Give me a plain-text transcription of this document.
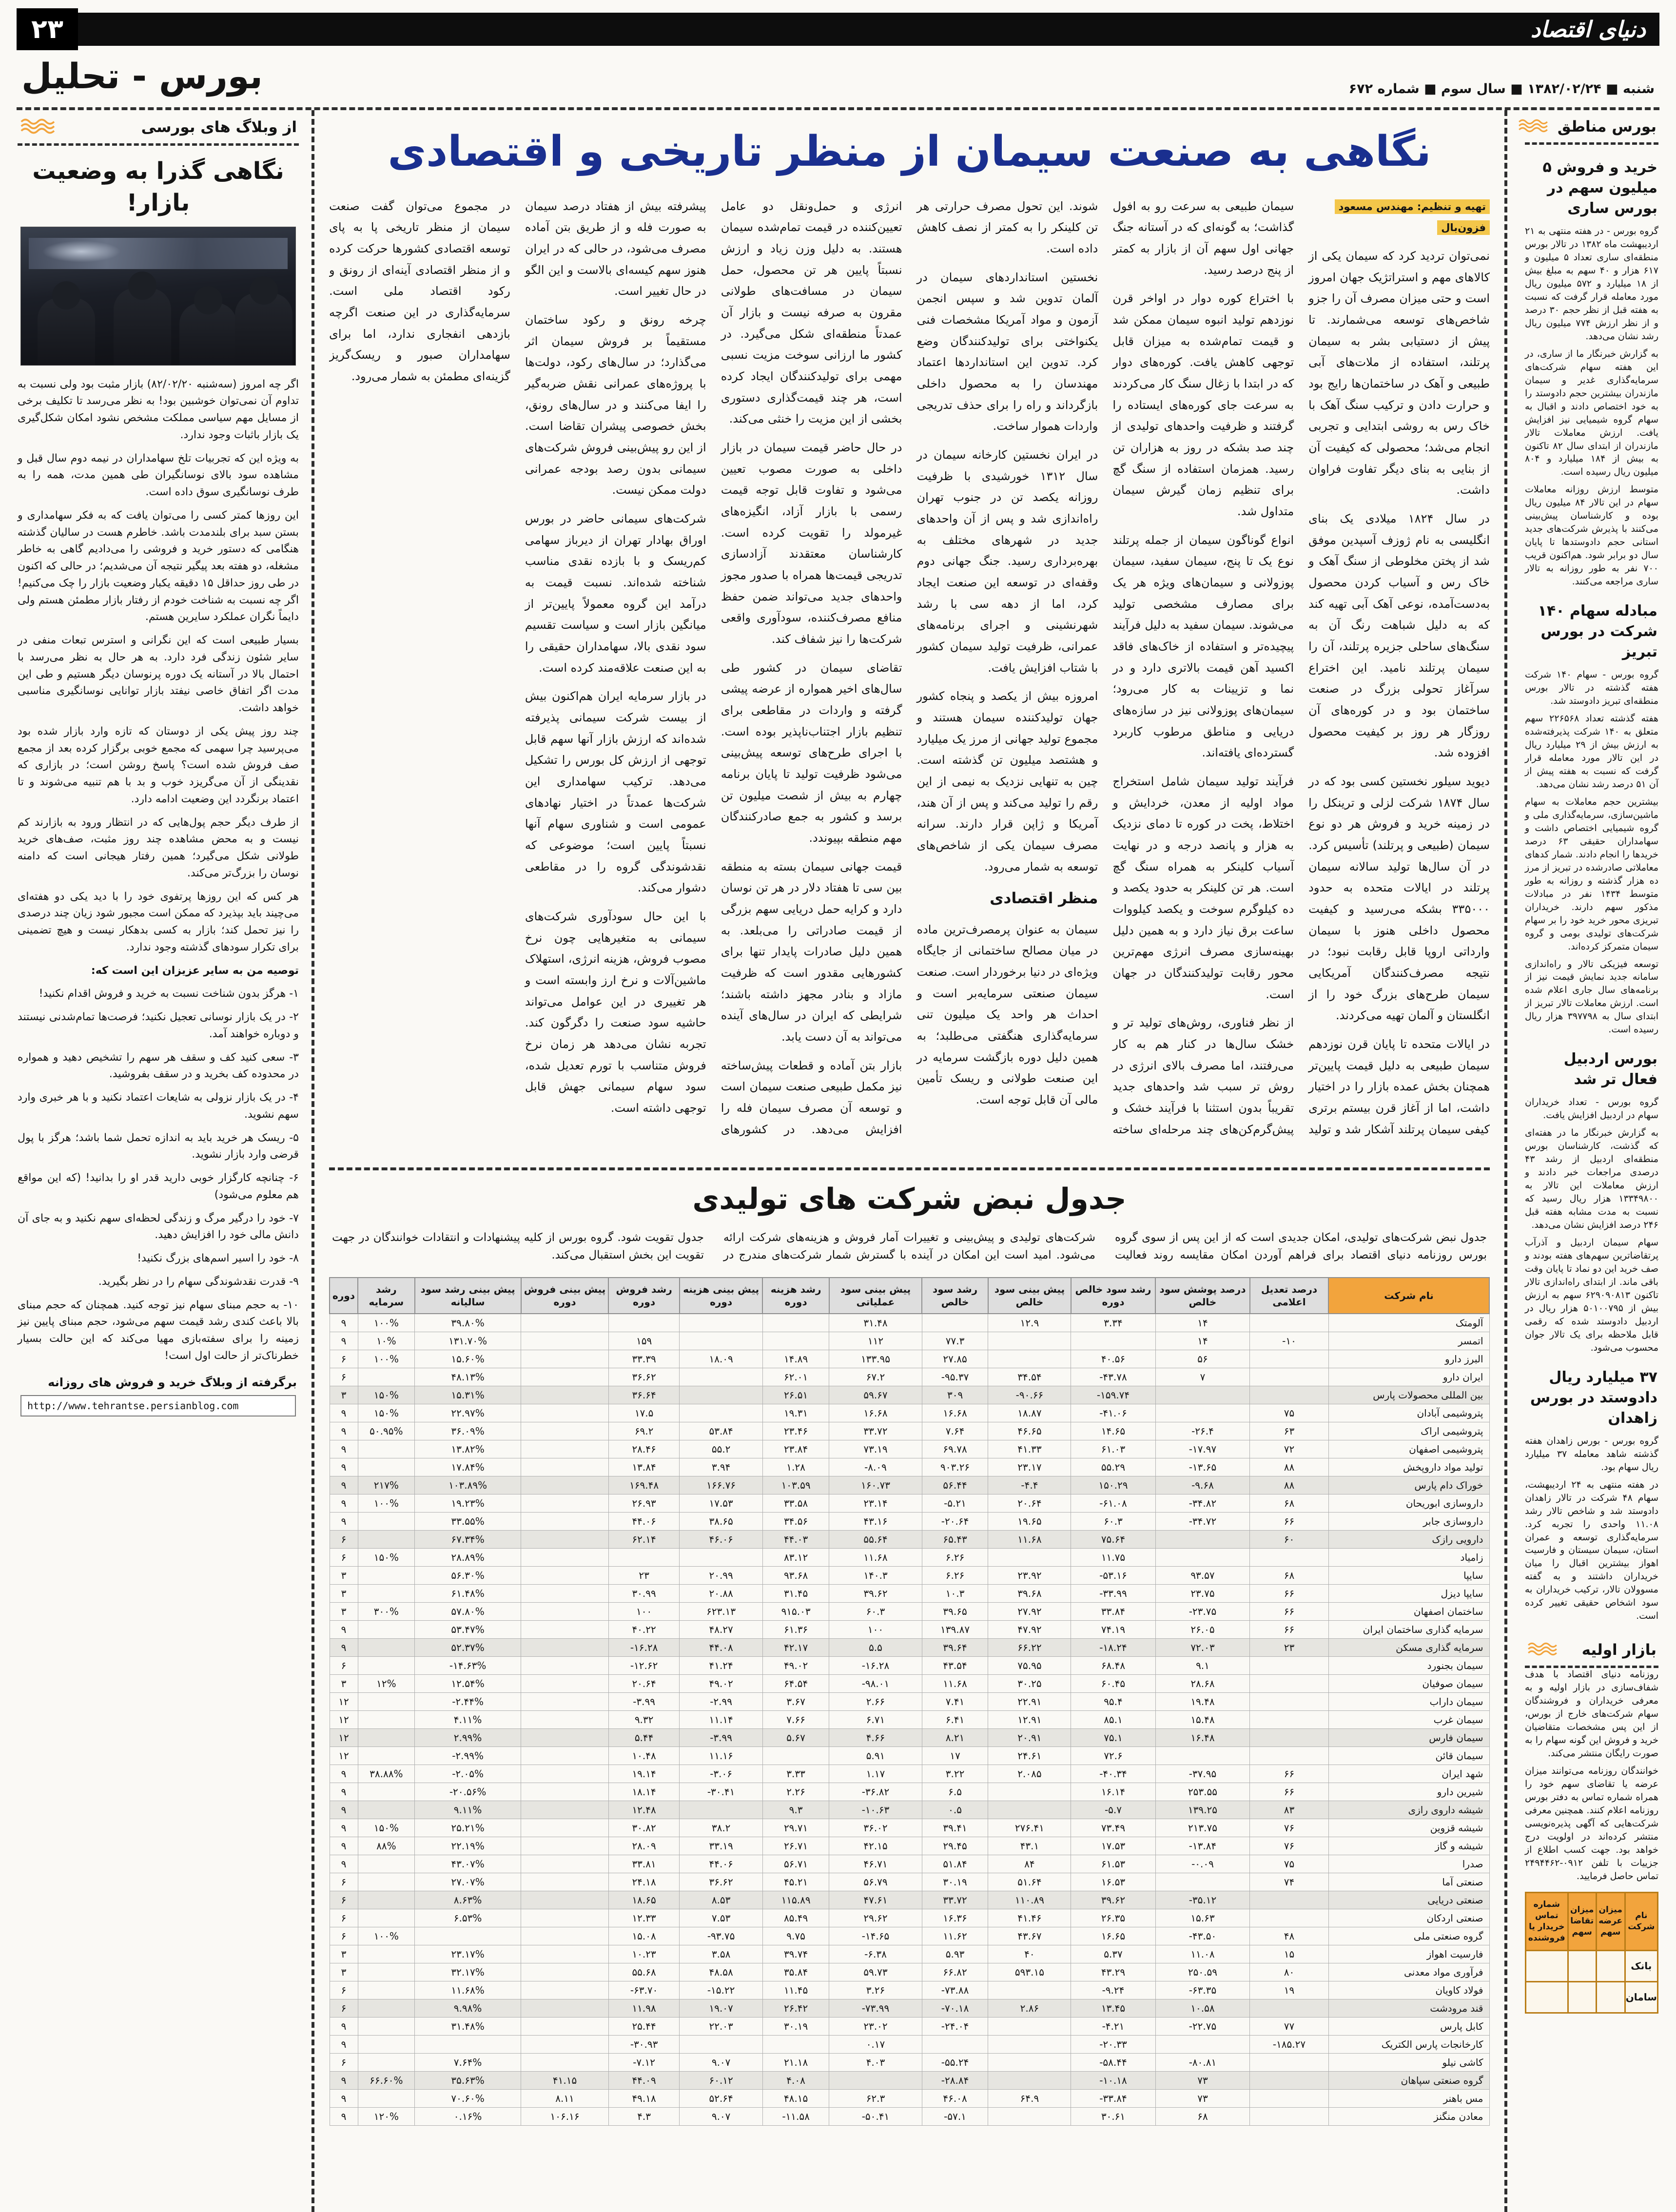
دنیای اقتصاد
۲۳
شنبه ■ ۱۳۸۲/۰۲/۲۴ ■ سال سوم ■ شماره ۶۷۲
بورس - تحلیل
بورس مناطق
خرید و فروش ۵ میلیون سهم در بورس ساری

گروه بورس - در هفته منتهی به ۲۱ اردیبهشت ماه ۱۳۸۲ در تالار بورس منطقه‌ای ساری تعداد ۵ میلیون و ۶۱۷ هزار و ۴۰ سهم به مبلغ بیش از ۱۸ میلیارد و ۵۷۲ میلیون ریال مورد معامله قرار گرفت که نسبت به هفته قبل از نظر حجم ۳۰ درصد و از نظر ارزش ۷۷۴ میلیون ریال رشد نشان می‌دهد.

به گزارش خبرنگار ما از ساری، در این هفته سهام شرکت‌های سرمایه‌گذاری غدیر و سیمان مازندران بیشترین حجم دادوستد را به خود اختصاص دادند و اقبال به سهام گروه شیمیایی نیز افزایش یافت. ارزش معاملات تالار مازندران از ابتدای سال ۸۲ تاکنون به بیش از ۱۸۴ میلیارد و ۸۰۴ میلیون ریال رسیده است.

متوسط ارزش روزانه معاملات سهام در این تالار ۸۴ میلیون ریال بوده و کارشناسان پیش‌بینی می‌کنند با پذیرش شرکت‌های جدید استانی حجم دادوستدها تا پایان سال دو برابر شود. هم‌اکنون قریب ۷۰۰ نفر به طور روزانه به تالار ساری مراجعه می‌کنند.

مبادله سهام ۱۴۰ شرکت در بورس تبریز

گروه بورس - سهام ۱۴۰ شرکت هفته گذشته در تالار بورس منطقه‌ای تبریز دادوستد شد.

هفته گذشته تعداد ۲۲۶۵۶۸ سهم متعلق به ۱۴۰ شرکت پذیرفته‌شده به ارزش بیش از ۲۹ میلیارد ریال در این تالار مورد معامله قرار گرفت که نسبت به هفته پیش از آن ۵۱ درصد رشد نشان می‌دهد.

بیشترین حجم معاملات به سهام ماشین‌سازی، سرمایه‌گذاری ملی و گروه شیمیایی اختصاص داشت و سهامداران حقیقی ۶۳ درصد خریدها را انجام دادند. شمار کدهای معاملاتی صادرشده در تبریز از مرز ده هزار گذشته و روزانه به طور متوسط ۱۴۳۴ نفر در مبادلات مذکور سهم دارند. خریداران تبریزی محور خرید خود را بر سهام شرکت‌های تولیدی بومی و گروه سیمان متمرکز کرده‌اند.

توسعه فیزیکی تالار و راه‌اندازی سامانه جدید نمایش قیمت نیز از برنامه‌های سال جاری اعلام شده است. ارزش معاملات تالار تبریز از ابتدای سال به ۳۹۷۷۹۸ هزار ریال رسیده است.

بورس اردبیل فعال تر شد

گروه بورس - تعداد خریداران سهام در اردبیل افزایش یافت.

به گزارش خبرنگار ما در هفته‌ای که گذشت، کارشناسان بورس منطقه‌ای اردبیل از رشد ۴۳ درصدی مراجعات خبر دادند و ارزش معاملات این تالار به ۱۳۳۴۹۸۰۰ هزار ریال رسید که نسبت به مدت مشابه هفته قبل ۲۴۶ درصد افزایش نشان می‌دهد.

سهام سیمان اردبیل و آذرآب پرتقاضاترین سهم‌های هفته بودند و صف خرید این دو نماد تا پایان وقت باقی ماند. از ابتدای راه‌اندازی تالار تاکنون ۶۲۹۰۹۰۸۱۳ سهم به ارزش بیش از ۵۰۱۰۰۷۹۵ هزار ریال در اردبیل دادوستد شده که رقمی قابل ملاحظه برای یک تالار جوان محسوب می‌شود.

۳۷ میلیارد ریال دادوستد در بورس زاهدان

گروه بورس - بورس زاهدان هفته گذشته شاهد معامله ۳۷ میلیارد ریال سهام بود.

در هفته منتهی به ۲۴ اردیبهشت، سهام ۴۸ شرکت در تالار زاهدان دادوستد شد و شاخص تالار رشد ۱۱.۰۸ واحدی را تجربه کرد. سرمایه‌گذاری توسعه و عمران استان، سیمان سیستان و فارسیت اهواز بیشترین اقبال را میان خریداران داشتند و به گفته مسوولان تالار، ترکیب خریداران به سود اشخاص حقیقی تغییر کرده است.

بازار اولیه

روزنامه دنیای اقتصاد با هدف شفاف‌سازی در بازار اولیه و به معرفی خریداران و فروشندگان سهام شرکت‌های خارج از بورس، از این پس مشخصات متقاضیان خرید و فروش این گونه سهام را به صورت رایگان منتشر می‌کند.

خوانندگان روزنامه می‌توانند میزان عرضه یا تقاضای سهم خود را همراه شماره تماس به دفتر بورس روزنامه اعلام کنند. همچنین معرفی شرکت‌هایی که آگهی پذیره‌نویسی منتشر کرده‌اند در اولویت درج خواهد بود. جهت کسب اطلاع از جزییات با تلفن ۰۹۱۲-۲۴۹۴۴۶۲ تماس حاصل فرمایید.

نام شرکت	میزان عرضه سهم	میزان تقاضا سهم	شماره تماس خریدار یا فروشنده
بانک			
سامان			
نگاهی به صنعت سیمان از منظر تاریخی و اقتصادی

تهیه و تنظیم: مهندس مسعود فزون‌بال

نمی‌توان تردید کرد که سیمان یکی از کالاهای مهم و استراتژیک جهان امروز است و حتی میزان مصرف آن را جزو شاخص‌های توسعه می‌شمارند. تا پیش از دستیابی بشر به سیمان پرتلند، استفاده از ملات‌های آبی طبیعی و آهک در ساختمان‌ها رایج بود و حرارت دادن و ترکیب سنگ آهک با خاک رس به روشی ابتدایی و تجربی انجام می‌شد؛ محصولی که کیفیت آن از بنایی به بنای دیگر تفاوت فراوان داشت.

در سال ۱۸۲۴ میلادی یک بنای انگلیسی به نام ژوزف آسپدین موفق شد از پختن مخلوطی از سنگ آهک و خاک رس و آسیاب کردن محصول به‌دست‌آمده، نوعی آهک آبی تهیه کند که به دلیل شباهت رنگ آن به سنگ‌های ساحلی جزیره پرتلند، آن را سیمان پرتلند نامید. این اختراع سرآغاز تحولی بزرگ در صنعت ساختمان بود و در کوره‌های آن روزگار هر روز بر کیفیت محصول افزوده شد.

دیوید سیلور نخستین کسی بود که در سال ۱۸۷۴ شرکت لزلی و ترینکل را در زمینه خرید و فروش هر دو نوع سیمان (طبیعی و پرتلند) تأسیس کرد. در آن سال‌ها تولید سالانه سیمان پرتلند در ایالات متحده به حدود ۳۳۵۰۰۰ بشکه می‌رسید و کیفیت محصول داخلی هنوز با سیمان وارداتی اروپا قابل رقابت نبود؛ در نتیجه مصرف‌کنندگان آمریکایی سیمان طرح‌های بزرگ خود را از انگلستان و آلمان تهیه می‌کردند.

در ایالات متحده تا پایان قرن نوزدهم سیمان طبیعی به دلیل قیمت پایین‌تر همچنان بخش عمده بازار را در اختیار داشت، اما از آغاز قرن بیستم برتری کیفی سیمان پرتلند آشکار شد و تولید سیمان طبیعی به سرعت رو به افول گذاشت؛ به گونه‌ای که در آستانه جنگ جهانی اول سهم آن از بازار به کمتر از پنج درصد رسید.

با اختراع کوره دوار در اواخر قرن نوزدهم تولید انبوه سیمان ممکن شد و قیمت تمام‌شده به میزان قابل توجهی کاهش یافت. کوره‌های دوار که در ابتدا با زغال سنگ کار می‌کردند به سرعت جای کوره‌های ایستاده را گرفتند و ظرفیت واحدهای تولیدی از چند صد بشکه در روز به هزاران تن رسید. همزمان استفاده از سنگ گچ برای تنظیم زمان گیرش سیمان متداول شد.

انواع گوناگون سیمان از جمله پرتلند نوع یک تا پنج، سیمان سفید، سیمان پوزولانی و سیمان‌های ویژه هر یک برای مصارف مشخصی تولید می‌شوند. سیمان سفید به دلیل فرآیند پیچیده‌تر و استفاده از خاک‌های فاقد اکسید آهن قیمت بالاتری دارد و در نما و تزیینات به کار می‌رود؛ سیمان‌های پوزولانی نیز در سازه‌های دریایی و مناطق مرطوب کاربرد گسترده‌ای یافته‌اند.

فرآیند تولید سیمان شامل استخراج مواد اولیه از معدن، خردایش و اختلاط، پخت در کوره تا دمای نزدیک به هزار و پانصد درجه و در نهایت آسیاب کلینکر به همراه سنگ گچ است. هر تن کلینکر به حدود یکصد و ده کیلوگرم سوخت و یکصد کیلووات ساعت برق نیاز دارد و به همین دلیل بهینه‌سازی مصرف انرژی مهم‌ترین محور رقابت تولیدکنندگان در جهان است.

از نظر فناوری، روش‌های تولید تر و خشک سال‌ها در کنار هم به کار می‌رفتند، اما مصرف بالای انرژی در روش تر سبب شد واحدهای جدید تقریباً بدون استثنا با فرآیند خشک و پیش‌گرم‌کن‌های چند مرحله‌ای ساخته شوند. این تحول مصرف حرارتی هر تن کلینکر را به کمتر از نصف کاهش داده است.

نخستین استانداردهای سیمان در آلمان تدوین شد و سپس انجمن آزمون و مواد آمریکا مشخصات فنی یکنواختی برای تولیدکنندگان وضع کرد. تدوین این استانداردها اعتماد مهندسان را به محصول داخلی بازگرداند و راه را برای حذف تدریجی واردات هموار ساخت.

در ایران نخستین کارخانه سیمان در سال ۱۳۱۲ خورشیدی با ظرفیت روزانه یکصد تن در جنوب تهران راه‌اندازی شد و پس از آن واحدهای جدید در شهرهای مختلف به بهره‌برداری رسید. جنگ جهانی دوم وقفه‌ای در توسعه این صنعت ایجاد کرد، اما از دهه سی با رشد شهرنشینی و اجرای برنامه‌های عمرانی، ظرفیت تولید سیمان کشور با شتاب افزایش یافت.

امروزه بیش از یکصد و پنجاه کشور جهان تولیدکننده سیمان هستند و مجموع تولید جهانی از مرز یک میلیارد و هشتصد میلیون تن گذشته است. چین به تنهایی نزدیک به نیمی از این رقم را تولید می‌کند و پس از آن هند، آمریکا و ژاپن قرار دارند. سرانه مصرف سیمان یکی از شاخص‌های توسعه به شمار می‌رود.

منظر اقتصادی

سیمان به عنوان پرمصرف‌ترین ماده در میان مصالح ساختمانی از جایگاه ویژه‌ای در دنیا برخوردار است. صنعت سیمان صنعتی سرمایه‌بر است و احداث هر واحد یک میلیون تنی سرمایه‌گذاری هنگفتی می‌طلبد؛ به همین دلیل دوره بازگشت سرمایه در این صنعت طولانی و ریسک تأمین مالی آن قابل توجه است.

انرژی و حمل‌ونقل دو عامل تعیین‌کننده در قیمت تمام‌شده سیمان هستند. به دلیل وزن زیاد و ارزش نسبتاً پایین هر تن محصول، حمل سیمان در مسافت‌های طولانی مقرون به صرفه نیست و بازار آن عمدتاً منطقه‌ای شکل می‌گیرد. در کشور ما ارزانی سوخت مزیت نسبی مهمی برای تولیدکنندگان ایجاد کرده است، هر چند قیمت‌گذاری دستوری بخشی از این مزیت را خنثی می‌کند.

در حال حاضر قیمت سیمان در بازار داخلی به صورت مصوب تعیین می‌شود و تفاوت قابل توجه قیمت رسمی با بازار آزاد، انگیزه‌های غیرمولد را تقویت کرده است. کارشناسان معتقدند آزادسازی تدریجی قیمت‌ها همراه با صدور مجوز واحدهای جدید می‌تواند ضمن حفظ منافع مصرف‌کننده، سودآوری واقعی شرکت‌ها را نیز شفاف کند.

تقاضای سیمان در کشور طی سال‌های اخیر همواره از عرضه پیشی گرفته و واردات در مقاطعی برای تنظیم بازار اجتناب‌ناپذیر بوده است. با اجرای طرح‌های توسعه پیش‌بینی می‌شود ظرفیت تولید تا پایان برنامه چهارم به بیش از شصت میلیون تن برسد و کشور به جمع صادرکنندگان مهم منطقه بپیوندد.

قیمت جهانی سیمان بسته به منطقه بین سی تا هفتاد دلار در هر تن نوسان دارد و کرایه حمل دریایی سهم بزرگی از قیمت صادراتی را می‌بلعد. به همین دلیل صادرات پایدار تنها برای کشورهایی مقدور است که ظرفیت مازاد و بنادر مجهز داشته باشند؛ شرایطی که ایران در سال‌های آینده می‌تواند به آن دست یابد.

بازار بتن آماده و قطعات پیش‌ساخته نیز مکمل طبیعی صنعت سیمان است و توسعه آن مصرف سیمان فله را افزایش می‌دهد. در کشورهای پیشرفته بیش از هفتاد درصد سیمان به صورت فله و از طریق بتن آماده مصرف می‌شود، در حالی که در ایران هنوز سهم کیسه‌ای بالاست و این الگو در حال تغییر است.

چرخه رونق و رکود ساختمان مستقیماً بر فروش سیمان اثر می‌گذارد؛ در سال‌های رکود، دولت‌ها با پروژه‌های عمرانی نقش ضربه‌گیر را ایفا می‌کنند و در سال‌های رونق، بخش خصوصی پیشران تقاضا است. از این رو پیش‌بینی فروش شرکت‌های سیمانی بدون رصد بودجه عمرانی دولت ممکن نیست.

شرکت‌های سیمانی حاضر در بورس اوراق بهادار تهران از دیرباز سهامی کم‌ریسک و با بازده نقدی مناسب شناخته شده‌اند. نسبت قیمت به درآمد این گروه معمولاً پایین‌تر از میانگین بازار است و سیاست تقسیم سود نقدی بالا، سهامداران حقیقی را به این صنعت علاقه‌مند کرده است.

در بازار سرمایه ایران هم‌اکنون بیش از بیست شرکت سیمانی پذیرفته شده‌اند که ارزش بازار آنها سهم قابل توجهی از ارزش کل بورس را تشکیل می‌دهد. ترکیب سهامداری این شرکت‌ها عمدتاً در اختیار نهادهای عمومی است و شناوری سهام آنها نسبتاً پایین است؛ موضوعی که نقدشوندگی گروه را در مقاطعی دشوار می‌کند.

با این حال سودآوری شرکت‌های سیمانی به متغیرهایی چون نرخ مصوب فروش، هزینه انرژی، استهلاک ماشین‌آلات و نرخ ارز وابسته است و هر تغییری در این عوامل می‌تواند حاشیه سود صنعت را دگرگون کند. تجربه نشان می‌دهد هر زمان نرخ فروش متناسب با تورم تعدیل شده، سود سهام سیمانی جهش قابل توجهی داشته است.

در مجموع می‌توان گفت صنعت سیمان از منظر تاریخی پا به پای توسعه اقتصادی کشورها حرکت کرده و از منظر اقتصادی آینه‌ای از رونق و رکود اقتصاد ملی است. سرمایه‌گذاری در این صنعت اگرچه بازدهی انفجاری ندارد، اما برای سهامداران صبور و ریسک‌گریز گزینه‌ای مطمئن به شمار می‌رود.

جدول نبض شرکت های تولیدی
جدول نبض شرکت‌های تولیدی، امکان جدیدی است که از این پس از سوی گروه بورس روزنامه دنیای اقتصاد برای فراهم آوردن امکان مقایسه روند فعالیت شرکت‌های تولیدی و پیش‌بینی و تغییرات آمار فروش و هزینه‌های شرکت ارائه می‌شود. امید است این امکان در آینده با گسترش شمار شرکت‌های مندرج در جدول تقویت شود. گروه بورس از کلیه پیشنهادات و انتقادات خوانندگان در جهت تقویت این بخش استقبال می‌کند.
نام شرکت	درصد تعدیل اعلامی	درصد پوشش سود خالص	رشد سود خالص دوره	پیش بینی سود خالص	رشد سود خالص	پیش بینی سود عملیاتی	رشد هزینه دوره	پیش بینی هزینه دوره	رشد فروش دوره	پیش بینی فروش دوره	پیش بینی رشد سود سالیانه	رشد سرمایه	دوره
آلومتک		۱۴	۳.۳۴	۱۲.۹		۳۱.۴۸					۳۹.۸۰%	۱۰۰%	۹
اتمسر	-۱۰	۱۴			۷۷.۳	۱۱۲			۱۵۹		۱۳۱.۷۰%	۱۰%	۹
البرز دارو		۵۶	۴۰.۵۶		۲۷.۸۵	۱۳۳.۹۵	۱۴.۸۹	۱۸.۰۹	۳۳.۳۹		۱۵.۶۰%	۱۰۰%	۶
ایران دارو		۷	-۴۳.۷۸	۳۴.۵۴	-۹۵.۳۷	۶۷.۲	۶۲.۰۱		۳۶.۶۲		۴۸.۱۳%		۶
بین المللی محصولات پارس			-۱۵۹.۷۴	-۹۰.۶۶	۳۰۹	۵۹.۶۷	۲۶.۵۱		۳۶.۶۴		۱۵.۳۱%	۱۵۰%	۳
پتروشیمی آبادان	۷۵		-۴۱.۰۶	۱۸.۸۷	۱۶.۶۸	۱۶.۶۸	۱۹.۳۱		۱۷.۵		۲۲.۹۷%	۱۵۰%	۹
پتروشیمی اراک	۶۳	-۲۶.۴	۱۴.۶۵	۴۶.۶۵	۷.۶۴	۳۳.۷۲	۲۳.۴۶	۵۳.۸۴	۶۹.۲		۳۶.۰۹%	۵۰.۹۵%	۹
پتروشیمی اصفهان	۷۲	-۱۷.۹۷	۶۱.۰۳	۴۱.۳۳	۶۹.۷۸	۷۳.۱۹	۲۳.۸۴	۵۵.۲	۲۸.۴۶		۱۳.۸۲%		۹
تولید مواد داروپخش	۸۸	-۱۳.۶۵	۵۵.۲۹	۲۳.۱۷	۹۰۳.۲۶	-۸.۰۹	۱.۲۸	۳.۹۴	۱۳.۸۴		۱۷.۸۴%		۹
خوراک دام پارس	۸۸	-۹.۶۸	۱۵۰.۲۹	-۴.۴	۵۶.۴۴	۱۶۰.۷۳	۱۰۳.۵۹	۱۶۶.۷۶	۱۶۹.۴۸		۱۰۳.۸۹%	۲۱۷%	۹
داروسازی ابوریحان	۶۸	-۳۴.۸۲	-۶۱.۰۸	۲۰.۶۴	-۵.۲۱	۲۳.۱۴	۳۳.۵۸	۱۷.۵۳	۲۶.۹۳		۱۹.۲۳%	۱۰۰%	۹
داروسازی جابر	۶۶	-۳۴.۷۲	۶۰.۳	۱۹.۶۵	-۲۰.۶۴	۴۳.۱۶	۳۴.۵۶	۳۸.۶۵	۴۴.۰۶		۳۳.۵۵%		۹
دارویی رازک	۶۰		۷۵.۶۴	۱۱.۶۸	۶۵.۴۳	۵۵.۶۴	۴۴.۰۳	۴۶.۰۶	۶۲.۱۴		۶۷.۳۴%		۶
زامیاد			۱۱.۷۵		۶.۲۶	۱۱.۶۸	۸۳.۱۲				۲۸.۸۹%	۱۵۰%	۶
سایپا	۶۸	۹۳.۵۷	-۵۳.۱۶	۲۳.۹۲	۶.۲۶	۱۴۰.۳	۹۳.۶۸	۲۰.۹۹	۲۳		۵۶.۳۰%		۳
سایپا دیزل	۶۶	۲۳.۷۵	-۳۳.۹۹	۳۹.۶۸	۱۰.۳	۳۹.۶۲	۳۱.۴۵	۲۰.۸۸	۳۰.۹۹		۶۱.۴۸%		۳
ساختمان اصفهان	۶۶	-۲۳.۷۵	۳۳.۸۴	۲۷.۹۲	۳۹.۶۵	۶۰.۳	۹۱۵.۰۳	۶۲۳.۱۳	۱۰۰		۵۷.۸۰%	۳۰۰%	۳
سرمایه گذاری ساختمان ایران	۶۶	۲۶.۰۵	۷۴.۱۹	۴۷.۹۲	۱۳۹.۸۷	۱۰۰	۶۱.۳۶	۴۸.۲۷	۴۰.۲۲		۵۳.۴۷%		۹
سرمایه گذاری مسکن	۲۳	۷۲.۰۳	-۱۸.۲۴	۶۶.۲۲	۳۹.۶۴	۵.۵	۴۲.۱۷	۴۴.۰۸	-۱۶.۲۸		۵۲.۳۷%		۹
سیمان بجنورد		۹.۱	۶۸.۴۸	۷۵.۹۵	۴۳.۵۴	-۱۶.۲۸	۴۹.۰۲	۴۱.۲۴	-۱۲.۶۲		-۱۴.۶۳%		۶
سیمان صوفیان		۲۸.۶۸	۶۰.۴۵	۳۰.۲۵	۱۱.۶۸	-۹۸.۰۱	۶۴.۵۴	۴۹.۰۲	۲۰.۶۴		۱۲.۵۴%	۱۲%	۳
سیمان داراب		۱۹.۴۸	۹۵.۴	۲۲.۹۱	۷.۴۱	۲.۶۶	۳.۶۷	-۲.۹۹	-۳.۹۹		-۲.۴۴%		۱۲
سیمان غرب		۱۵.۴۸	۸۵.۱	۱۲.۹۱	۶.۴۱	۶.۷۱	۷.۶۶	۱۱.۱۴	۹.۳۲		۴.۱۱%		۱۲
سیمان فارس		۱۶.۴۸	۷۵.۱	۲۰.۹۱	۸.۲۱	۴.۶۶	۵.۶۷	-۳.۹۹	۵.۴۴		۲.۹۹%		۱۲
سیمان قائن			۷۲.۶	۲۴.۶۱	۱۷	۵.۹۱		۱۱.۱۶	۱۰.۴۸		-۲.۹۹%		۱۲
شهد ایران	۶۶	-۳۷.۹۵	-۴۰.۳۴	۲.۰۸۵	۳.۲۲	۱.۱۷	۳.۳۳	-۳.۰۶	۱۹.۱۴		-۲.۰۵%	۳۸.۸۸%	۹
شیرین دارو	۶۶	۲۵۳.۵۵	۱۶.۱۴		۶.۵	-۳۶.۸۲	۲.۲۶	-۳۰.۴۱	۱۸.۱۴		-۲۰.۵۶%		۹
شیشه داروی رازی	۸۳	۱۳۹.۲۵	-۵.۷		۰.۵	-۱۰.۶۳	۹.۳		۱۲.۴۸		۹.۱۱%		۹
شیشه قزوین	۷۶	۲۱۳.۷۵	۷۳.۴۹	۲۷۶.۴۱	۳۹.۴۱	۳۶.۰۲	۲۹.۷۱	۳۸.۲	۳۰.۸۲		۲۵.۲۱%	۱۵۰%	۹
شیشه و گاز	۷۶	-۱۳.۸۴	۱۷.۵۳	۴۳.۱	۲۹.۴۵	۴۲.۱۵	۲۶.۷۱	۳۳.۱۹	۲۸.۰۹		۲۲.۱۹%	۸۸%	۹
صدرا	۷۵	-۰.۰۹	۶۱.۵۳	۸۴	۵۱.۸۴	۴۶.۷۱	۵۶.۷۱	۴۴.۰۶	۳۳.۸۱		۴۳.۰۷%		۹
صنعتی آما	۷۴		۱۶.۵۳	۵۱.۶۴	۳۰.۱۹	۵۶.۷۹	۴۵.۲۱	۳۶.۶۲	۲۴.۱۸		۲۷.۰۷%		۶
صنعتی دریایی		-۳۵.۱۲	۳۹.۶۲	۱۱۰.۸۹	۳۳.۷۲	۴۷.۶۱	۱۱۵.۸۹	۸.۵۳	۱۸.۶۵		۸.۶۳%		۶
صنعتی اردکان		۱۵.۶۳	۲۶.۳۵	۴۱.۴۶	۱۶.۳۶	۲۹.۶۲	۸۵.۴۹	۷.۵۳	۱۲.۳۳		۶.۵۳%		۶
گروه صنعتی ملی	۴۸	-۴۳.۵۰	۱۶.۶۵	۴۳.۶۷	۱۱.۶۲	-۱۴.۶۵	۹.۷۵	-۹۳.۷۵	۱۵.۰۸			۱۰۰%	۶
فارسیت اهواز	۱۵	۱۱.۰۸	۵.۳۷	۴۰	۵.۹۳	-۶.۳۸	۳۹.۷۴	۳.۵۸	۱۰.۲۳		۲۳.۱۷%		۳
فرآوری مواد معدنی	۸۰	۲۵۰.۵۹	۴۳.۲۹	۵۹۳.۱۵	۶۶.۸۲	۵۹.۷۳	۳۵.۸۴	۴۸.۵۸	۵۵.۶۸		۳۲.۱۷%		۳
فولاد کاویان	۱۹	-۶۳.۳۵	-۹.۲۴		-۷۳.۸۸	۳.۲۶	۱۱.۴۵	-۱۵.۲۲	-۶۳.۷۰		۱۱.۶۸%		۶
قند مرودشت		۱۰.۵۸	۱۳.۴۵	۲.۸۶	-۷۰.۱۸	-۷۳.۹۹	۲۶.۴۲	۱۹.۰۷	۱۱.۹۸		۹.۹۸%		۶
کابل پارس	۷۷	-۲۲.۷۵	-۴.۲۱		-۲۴.۰۴	۲۳.۰۲	۳۰.۱۹	۲۲.۰۳	۲۵.۴۴		۳۱.۴۸%		۹
کارخانجات پارس الکتریک	-۱۸۵.۲۷		-۲۰.۳۳			۰.۱۷			-۳۰.۹۳				۹
کاشی نیلو		-۸۰.۸۱	-۵۸.۴۴		-۵۵.۲۴	۴.۰۳	۲۱.۱۸	۹.۰۷	-۷.۱۲		۷.۶۴%		۶
گروه صنعتی سپاهان		۷۳	-۱۰.۱۸		-۲۸.۸۴		۴.۰۸	۶۰.۱۲	۴۴.۰۹	۴۱.۱۵	۳۵.۶۳%	۶۶.۶۰%	۹
مس باهنر		۷۳	-۳۳.۸۴	۶۴.۹	۴۶.۰۸	۶۲.۳	۴۸.۱۵	۵۲.۶۴	۴۹.۱۸	۸.۱۱	۷۰.۶۰%		۹
معادن منگنز		۶۸	۳۰.۶۱		-۵۷.۱	-۵۰.۴۱	-۱۱.۵۸	۹.۰۷	۴.۳	۱۰۶.۱۶	۰.۱۶%	۱۲۰%	۹
از وبلاگ های بورسی
نگاهی گذرا به وضعیت بازار!

اگر چه امروز (سه‌شنبه ۸۲/۰۲/۲۰) بازار مثبت بود ولی نسبت به تداوم آن نمی‌توان خوشبین بود! به نظر می‌رسد تا تکلیف برخی از مسایل مهم سیاسی مملکت مشخص نشود امکان شکل‌گیری یک بازار باثبات وجود ندارد.

به ویژه این که تجربیات تلخ سهامداران در نیمه دوم سال قبل و مشاهده سود بالای نوسانگیران طی همین مدت، همه را به طرف نوسانگیری سوق داده است.

این روزها کمتر کسی را می‌توان یافت که به فکر سهامداری و بستن سبد برای بلندمدت باشد. خاطرم هست در سالیان گذشته هنگامی که دستور خرید و فروشی را می‌دادیم گاهی به خاطر مشغله، دو هفته بعد پیگیر نتیجه آن می‌شدیم؛ در حالی که اکنون در طی روز حداقل ۱۵ دقیقه یکبار وضعیت بازار را چک می‌کنیم! اگر چه نسبت به شناخت خودم از رفتار بازار مطمئن هستم ولی دایماً نگران عملکرد سایرین هستم.

بسیار طبیعی است که این نگرانی و استرس تبعات منفی در سایر شئون زندگی فرد دارد. به هر حال به نظر می‌رسد با احتمال بالا در آستانه یک دوره پرنوسان دیگر هستیم و طی این مدت اگر اتفاق خاصی نیفتد بازار توانایی نوسانگیری مناسبی خواهد داشت.

چند روز پیش یکی از دوستان که تازه وارد بازار شده بود می‌پرسید چرا سهمی که مجمع خوبی برگزار کرده بعد از مجمع صف فروش شده است؟ پاسخ روشن است؛ در بازاری که نقدینگی از آن می‌گریزد خوب و بد با هم تنبیه می‌شوند و تا اعتماد برنگردد این وضعیت ادامه دارد.

از طرف دیگر حجم پول‌هایی که در انتظار ورود به بازارند کم نیست و به محض مشاهده چند روز مثبت، صف‌های خرید طولانی شکل می‌گیرد؛ همین رفتار هیجانی است که دامنه نوسان را بزرگ‌تر می‌کند.

هر کس که این روزها پرتفوی خود را با دید یکی دو هفته‌ای می‌چیند باید بپذیرد که ممکن است مجبور شود زیان چند درصدی را نیز تحمل کند؛ بازار به کسی بدهکار نیست و هیچ تضمینی برای تکرار سودهای گذشته وجود ندارد.

توصیه من به سایر عزیزان این است که:

۱- هرگز بدون شناخت نسبت به خرید و فروش اقدام نکنید!

۲- در یک بازار نوسانی تعجیل نکنید؛ فرصت‌ها تمام‌شدنی نیستند و دوباره خواهند آمد.

۳- سعی کنید کف و سقف هر سهم را تشخیص دهید و همواره در محدوده کف بخرید و در سقف بفروشید.

۴- در یک بازار نزولی به شایعات اعتماد نکنید و با هر خبری وارد سهم نشوید.

۵- ریسک هر خرید باید به اندازه تحمل شما باشد؛ هرگز با پول قرضی وارد بازار نشوید.

۶- چنانچه کارگزار خوبی دارید قدر او را بدانید! (که این مواقع هم معلوم می‌شود)

۷- خود را درگیر مرگ و زندگی لحظه‌ای سهم نکنید و به جای آن دانش مالی خود را افزایش دهید.

۸- خود را اسیر اسم‌های بزرگ نکنید!

۹- قدرت نقدشوندگی سهام را در نظر بگیرید.

۱۰- به حجم مبنای سهام نیز توجه کنید. همچنان که حجم مبنای بالا باعث کندی رشد قیمت سهم می‌شود، حجم مبنای پایین نیز زمینه را برای سفته‌بازی مهیا می‌کند که این حالت بسیار خطرناک‌تر از حالت اول است!

برگرفته از وبلاگ خرید و فروش های روزانه
http://www.tehrantse.persianblog.com
